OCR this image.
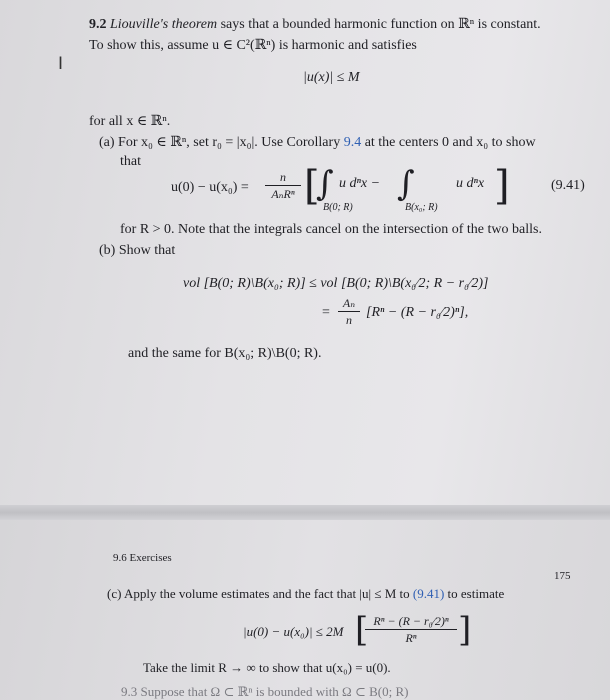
I
9.2 Liouville's theorem says that a bounded harmonic function on ℝⁿ is constant.
To show this, assume u ∈ C²(ℝⁿ) is harmonic and satisfies
|u(x)| ≤ M
for all x ∈ ℝⁿ.
(a) For x₀ ∈ ℝⁿ, set r₀ = |x₀|. Use Corollary 9.4 at the centers 0 and x₀ to show
that
u(0) − u(x₀) =
n
AₙRⁿ [
∫ u dⁿx −
B(0; R)
∫	u dⁿx
B(x₀; R) ]	(9.41)
for R > 0. Note that the integrals cancel on the intersection of the two balls.
(b) Show that
vol [B(0; R)\B(x₀; R)] ≤ vol [B(0; R)\B(x₀⁄2; R − r₀⁄2)]
=
Aₙ
n	[Rⁿ − (R − r₀⁄2)ⁿ],
and the same for B(x₀; R)\B(0; R).
9.6 Exercises
175
(c) Apply the volume estimates and the fact that |u| ≤ M to (9.41) to estimate
|u(0) − u(x₀)| ≤ 2M [ Rⁿ − (R − r₀⁄2)ⁿ
Rⁿ	]
Take the limit R → ∞ to show that u(x₀) = u(0).
9.3 Suppose that Ω ⊂ ℝⁿ is bounded with Ω ⊂ B(0; R)
